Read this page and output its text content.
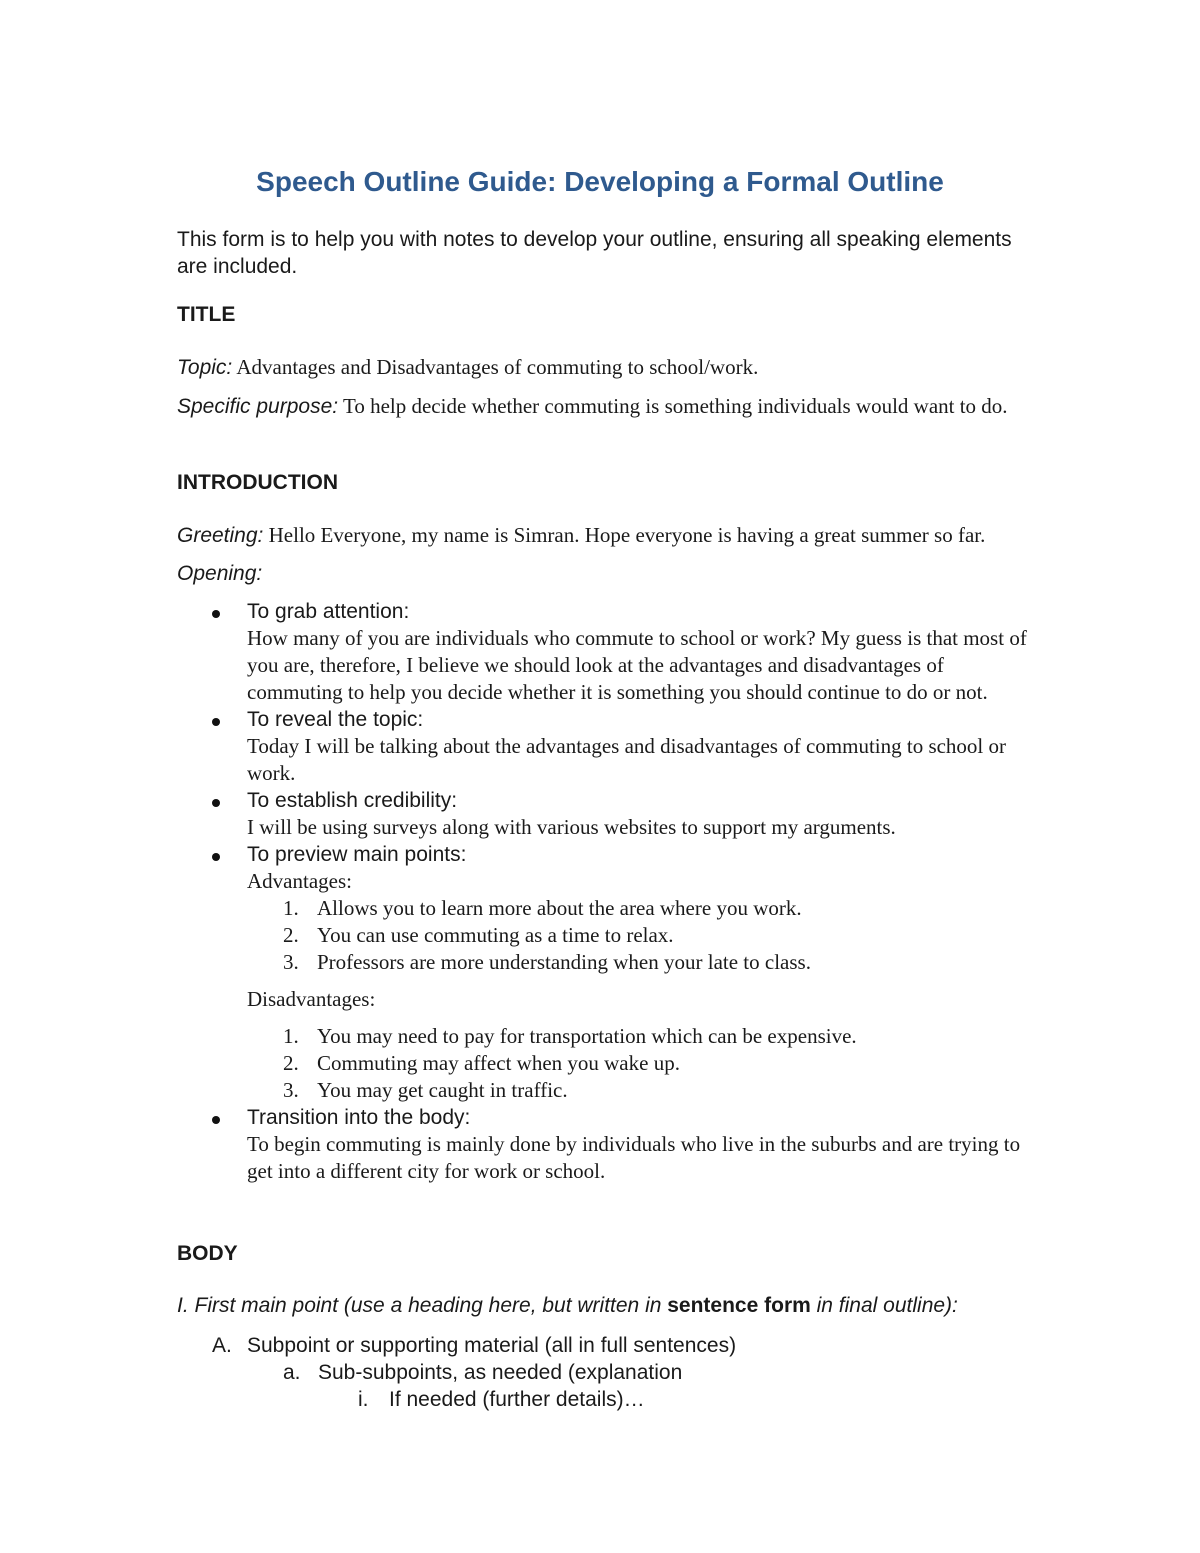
Speech Outline Guide: Developing a Formal Outline
This form is to help you with notes to develop your outline, ensuring all speaking elements are included.
TITLE
Topic: Advantages and Disadvantages of commuting to school/work.
Specific purpose: To help decide whether commuting is something individuals would want to do.
INTRODUCTION
Greeting: Hello Everyone, my name is Simran. Hope everyone is having a great summer so far.
Opening:
To grab attention:
How many of you are individuals who commute to school or work? My guess is that most of you are, therefore, I believe we should look at the advantages and disadvantages of commuting to help you decide whether it is something you should continue to do or not.
To reveal the topic:
Today I will be talking about the advantages and disadvantages of commuting to school or work.
To establish credibility:
I will be using surveys along with various websites to support my arguments.
To preview main points:
Advantages:
1. Allows you to learn more about the area where you work.
2. You can use commuting as a time to relax.
3. Professors are more understanding when your late to class.
Disadvantages:
1. You may need to pay for transportation which can be expensive.
2. Commuting may affect when you wake up.
3. You may get caught in traffic.
Transition into the body:
To begin commuting is mainly done by individuals who live in the suburbs and are trying to get into a different city for work or school.
BODY
I. First main point (use a heading here, but written in sentence form in final outline):
A. Subpoint or supporting material (all in full sentences)
a. Sub-subpoints, as needed (explanation
i. If needed (further details)…
